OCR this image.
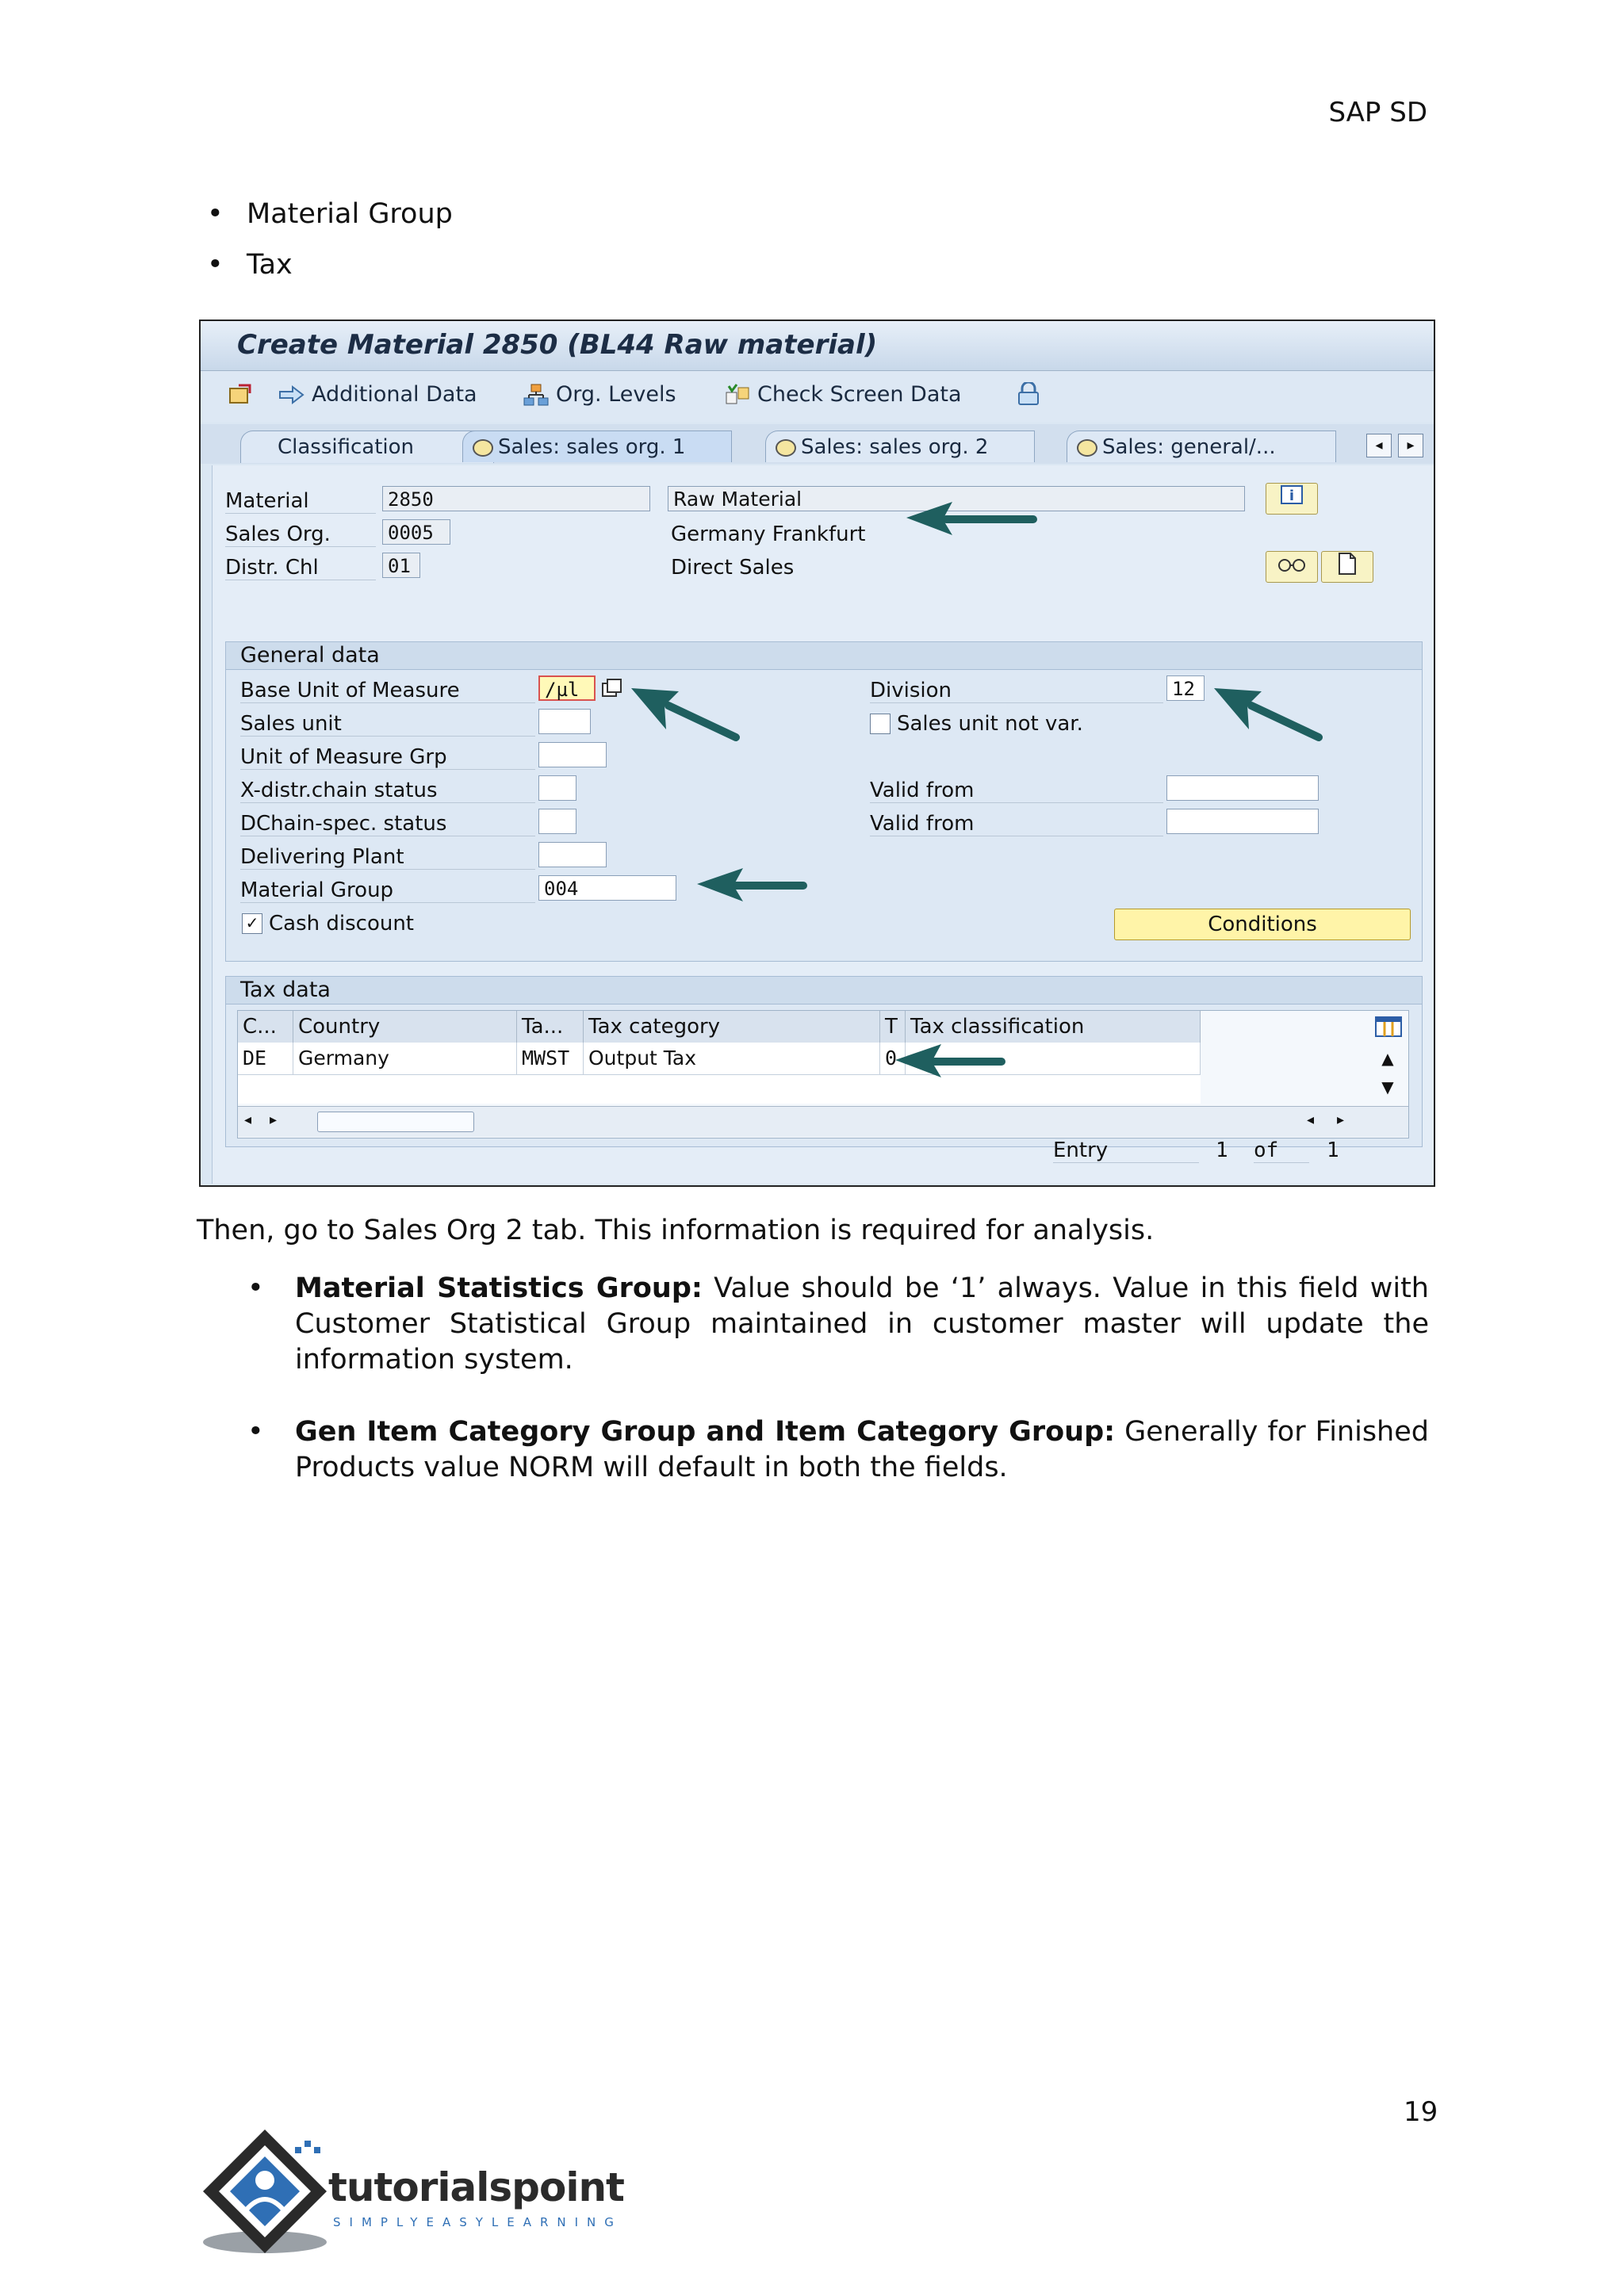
SAP SD
• Material Group
• Tax
Create Material 2850 (BL44 Raw material)
Additional Data	Org. Levels	Check Screen Data
Classification	Sales: sales org. 1	Sales: sales org. 2	Sales: general/...	◂	▸
Material	2850	Raw Material	i
Sales Org.	0005	Germany Frankfurt
Distr. Chl	01	Direct Sales
General data
Base Unit of Measure	/µl
Sales unit
Unit of Measure Grp
X-distr.chain status
DChain-spec. status
Delivering Plant
Material Group	004
✓ Cash discount
Division	12
Sales unit not var.
Valid from
Valid from
Conditions
Tax data
C...	Country	Ta...	Tax category	T Tax classification
DE	Germany	MWST Output Tax	0	▲
▼
◂ ▸	◂ ▸
Entry	1 of	1
Then, go to Sales Org 2 tab. This information is required for analysis.
• Material Statistics Group: Value should be ‘1’ always. Value in this field with Customer Statistical Group maintained in customer master will update the information system.
• Gen Item Category Group and Item Category Group: Generally for Finished Products value NORM will default in both the fields.
19
tutorialspoint
SIMPLYEASYLEARNING
